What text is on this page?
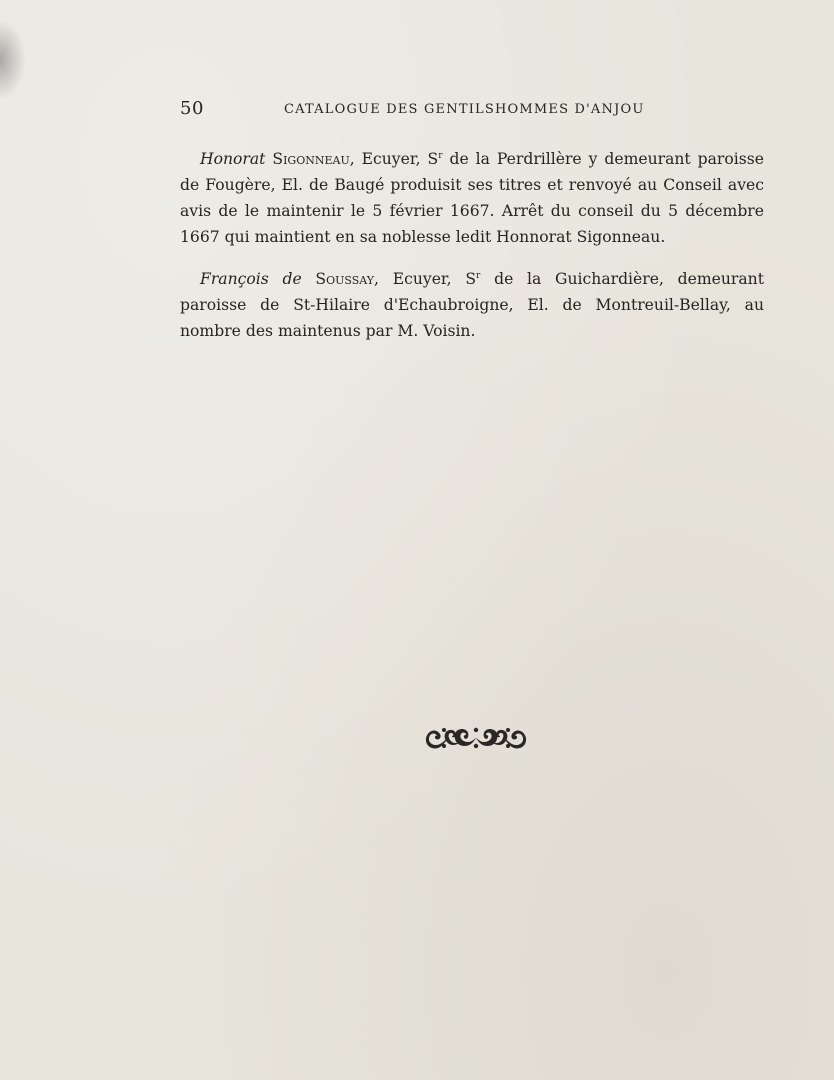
50	CATALOGUE DES GENTILSHOMMES D'ANJOU

Honorat Sigonneau, Ecuyer, $S^r$ de la Perdrillère y demeurant paroisse de Fougère, El. de Baugé produisit ses titres et renvoyé au Conseil avec avis de le maintenir le 5 février 1667. Arrêt du conseil du 5 décembre 1667 qui maintient en sa noblesse ledit Honnorat Sigonneau.

François de Soussay, Ecuyer, $S^r$ de la Guichardière, demeurant paroisse de St-Hilaire d'Echaubroigne, El. de Montreuil-Bellay, au nombre des maintenus par M. Voisin.
